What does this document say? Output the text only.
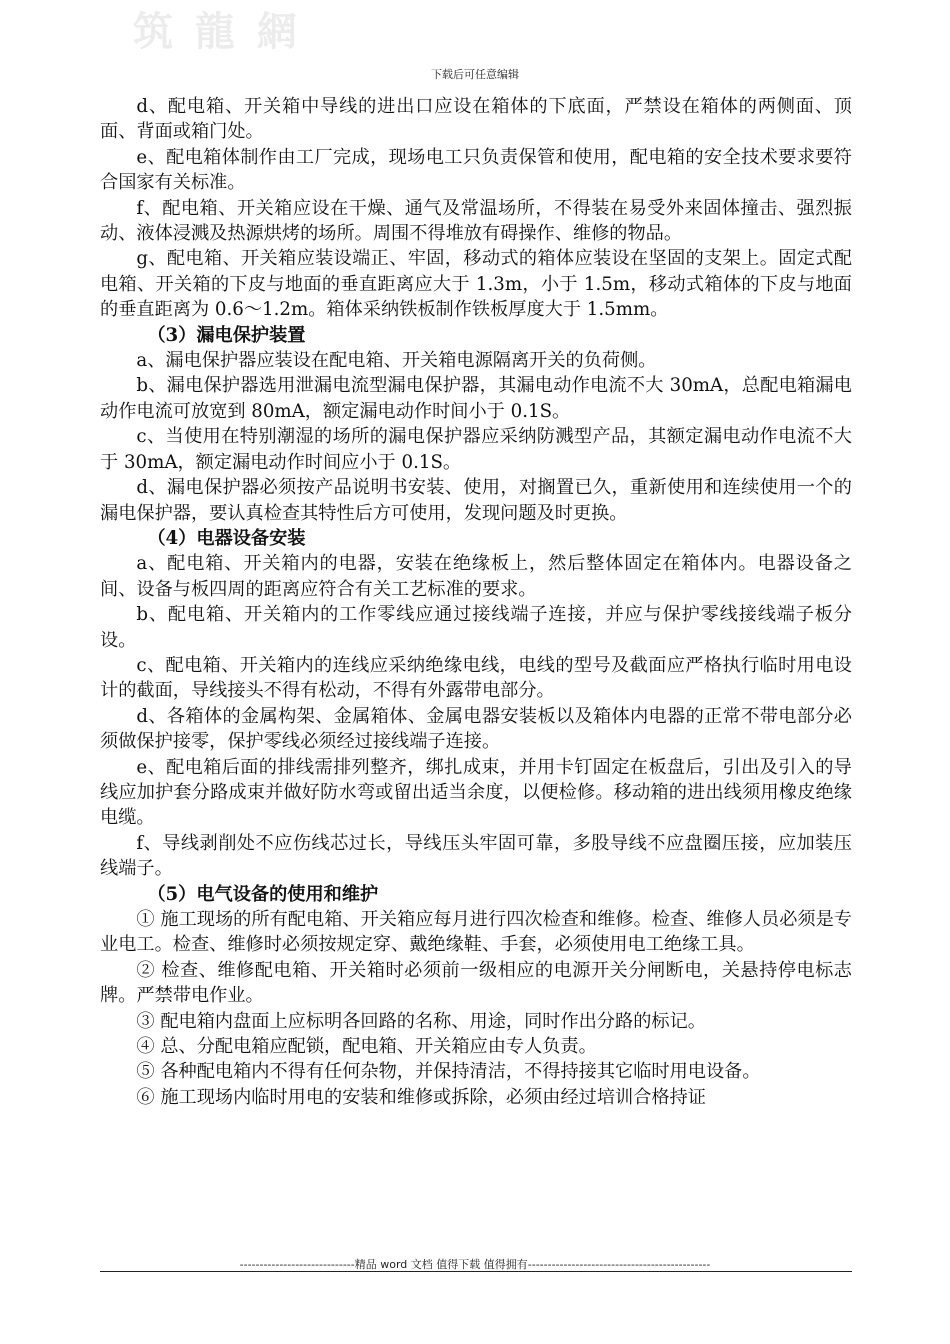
筑 龍 網
下载后可任意编辑

d、配电箱、开关箱中导线的进出口应设在箱体的下底面，严禁设在箱体的两侧面、顶面、背面或箱门处。

e、配电箱体制作由工厂完成，现场电工只负责保管和使用，配电箱的安全技术要求要符合国家有关标准。

f、配电箱、开关箱应设在干燥、通气及常温场所，不得装在易受外来固体撞击、强烈振动、液体浸溅及热源烘烤的场所。周围不得堆放有碍操作、维修的物品。

g、配电箱、开关箱应装设端正、牢固，移动式的箱体应装设在坚固的支架上。固定式配电箱、开关箱的下皮与地面的垂直距离应大于 1.3m，小于 1.5m，移动式箱体的下皮与地面的垂直距离为 0.6～1.2m。箱体采纳铁板制作铁板厚度大于 1.5mm。

（3）漏电保护装置

a、漏电保护器应装设在配电箱、开关箱电源隔离开关的负荷侧。

b、漏电保护器选用泄漏电流型漏电保护器，其漏电动作电流不大 30mA，总配电箱漏电动作电流可放宽到 80mA，额定漏电动作时间小于 0.1S。

c、当使用在特别潮湿的场所的漏电保护器应采纳防溅型产品，其额定漏电动作电流不大于 30mA，额定漏电动作时间应小于 0.1S。

d、漏电保护器必须按产品说明书安装、使用，对搁置已久，重新使用和连续使用一个的漏电保护器，要认真检查其特性后方可使用，发现问题及时更换。

（4）电器设备安装

a、配电箱、开关箱内的电器，安装在绝缘板上，然后整体固定在箱体内。电器设备之间、设备与板四周的距离应符合有关工艺标准的要求。

b、配电箱、开关箱内的工作零线应通过接线端子连接，并应与保护零线接线端子板分设。

c、配电箱、开关箱内的连线应采纳绝缘电线，电线的型号及截面应严格执行临时用电设计的截面，导线接头不得有松动，不得有外露带电部分。

d、各箱体的金属构架、金属箱体、金属电器安装板以及箱体内电器的正常不带电部分必须做保护接零，保护零线必须经过接线端子连接。

e、配电箱后面的排线需排列整齐，绑扎成束，并用卡钉固定在板盘后，引出及引入的导线应加护套分路成束并做好防水弯或留出适当余度，以便检修。移动箱的进出线须用橡皮绝缘电缆。

f、导线剥削处不应伤线芯过长，导线压头牢固可靠，多股导线不应盘圈压接，应加装压线端子。

（5）电气设备的使用和维护

① 施工现场的所有配电箱、开关箱应每月进行四次检查和维修。检查、维修人员必须是专业电工。检查、维修时必须按规定穿、戴绝缘鞋、手套，必须使用电工绝缘工具。

② 检查、维修配电箱、开关箱时必须前一级相应的电源开关分闸断电，关悬持停电标志牌。严禁带电作业。

③ 配电箱内盘面上应标明各回路的名称、用途，同时作出分路的标记。

④ 总、分配电箱应配锁，配电箱、开关箱应由专人负责。

⑤ 各种配电箱内不得有任何杂物，并保持清洁，不得持接其它临时用电设备。

⑥ 施工现场内临时用电的安装和维修或拆除，必须由经过培训合格持证

-----------------------------精品 word 文档 值得下载 值得拥有----------------------------------------------
